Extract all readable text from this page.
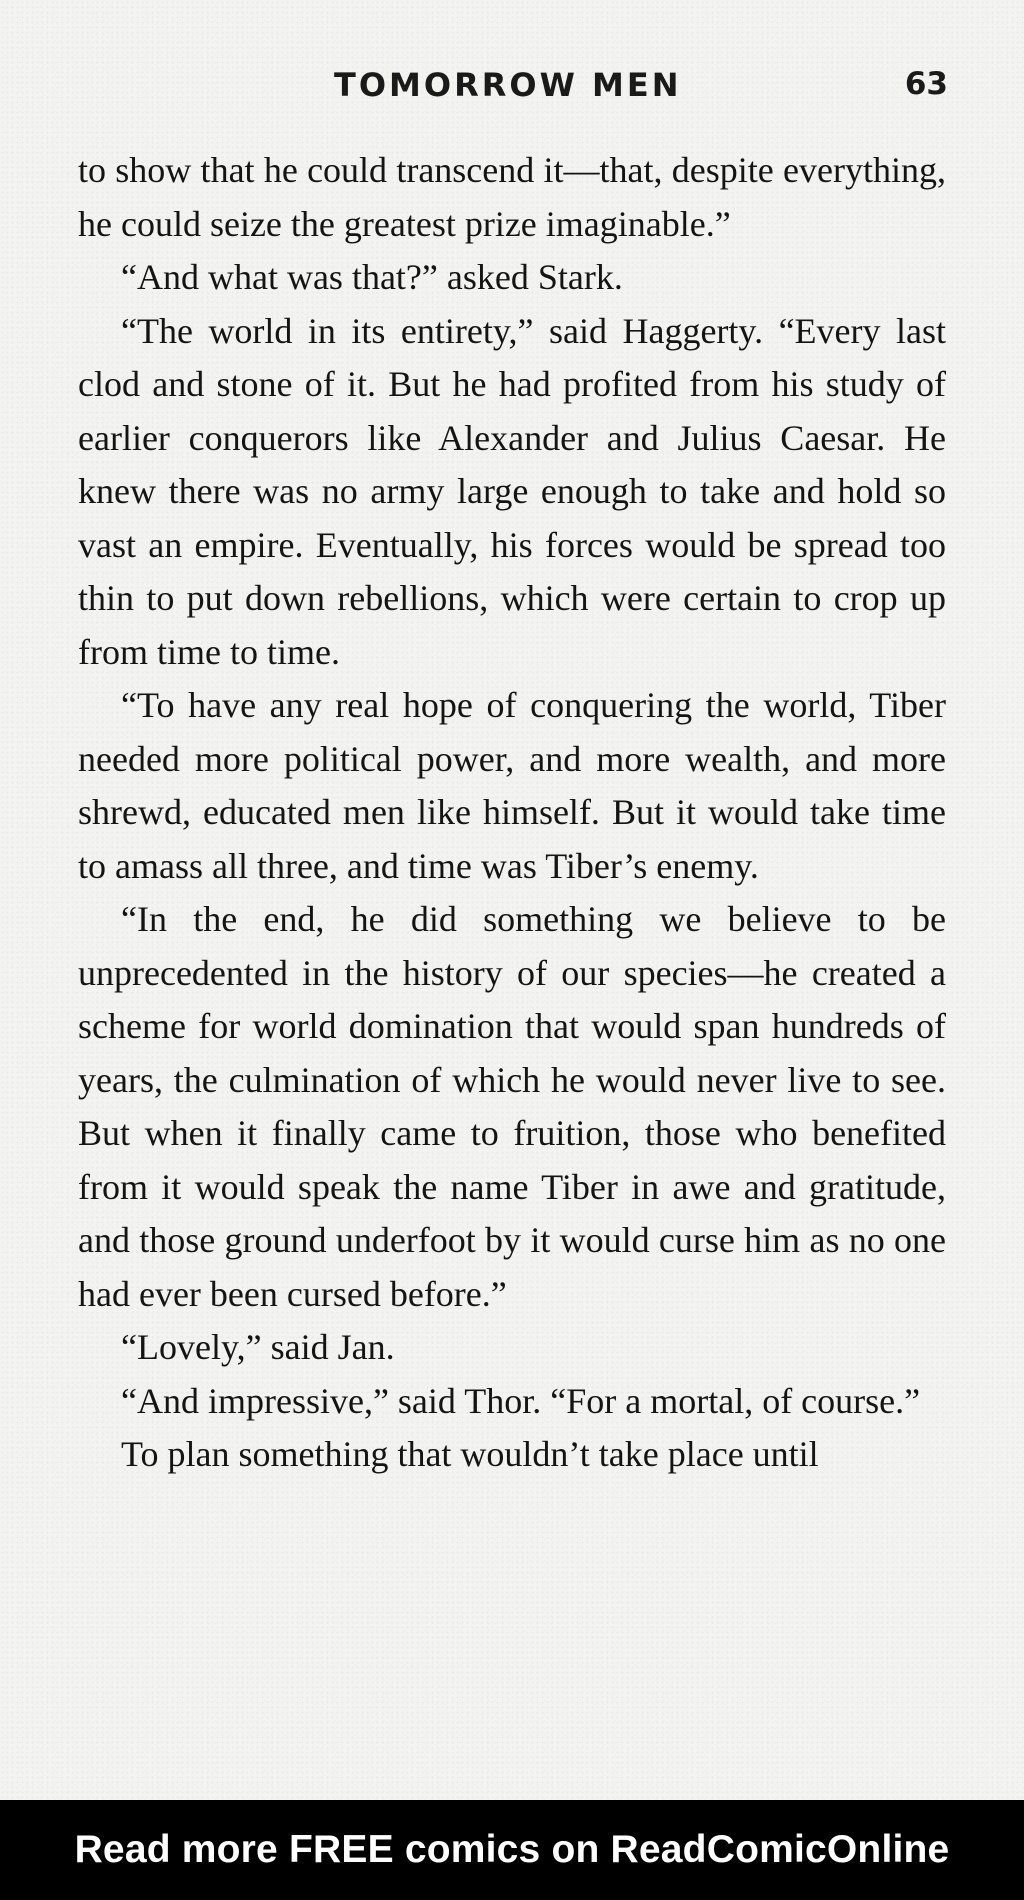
TOMORROW MEN	63

to show that he could transcend it—that, despite everything, he could seize the greatest prize imaginable.”

“And what was that?” asked Stark.

“The world in its entirety,” said Haggerty. “Every last clod and stone of it. But he had profited from his study of earlier conquerors like Alexander and Julius Caesar. He knew there was no army large enough to take and hold so vast an empire. Eventually, his forces would be spread too thin to put down rebellions, which were certain to crop up from time to time.

“To have any real hope of conquering the world, Tiber needed more political power, and more wealth, and more shrewd, educated men like himself. But it would take time to amass all three, and time was Tiber’s enemy.

“In the end, he did something we believe to be unprecedented in the history of our species—he created a scheme for world domination that would span hundreds of years, the culmination of which he would never live to see. But when it finally came to fruition, those who benefited from it would speak the name Tiber in awe and gratitude, and those ground underfoot by it would curse him as no one had ever been cursed before.”

“Lovely,” said Jan.

“And impressive,” said Thor. “For a mortal, of course.”

To plan something that wouldn’t take place until

Read more FREE comics on ReadComicOnline
